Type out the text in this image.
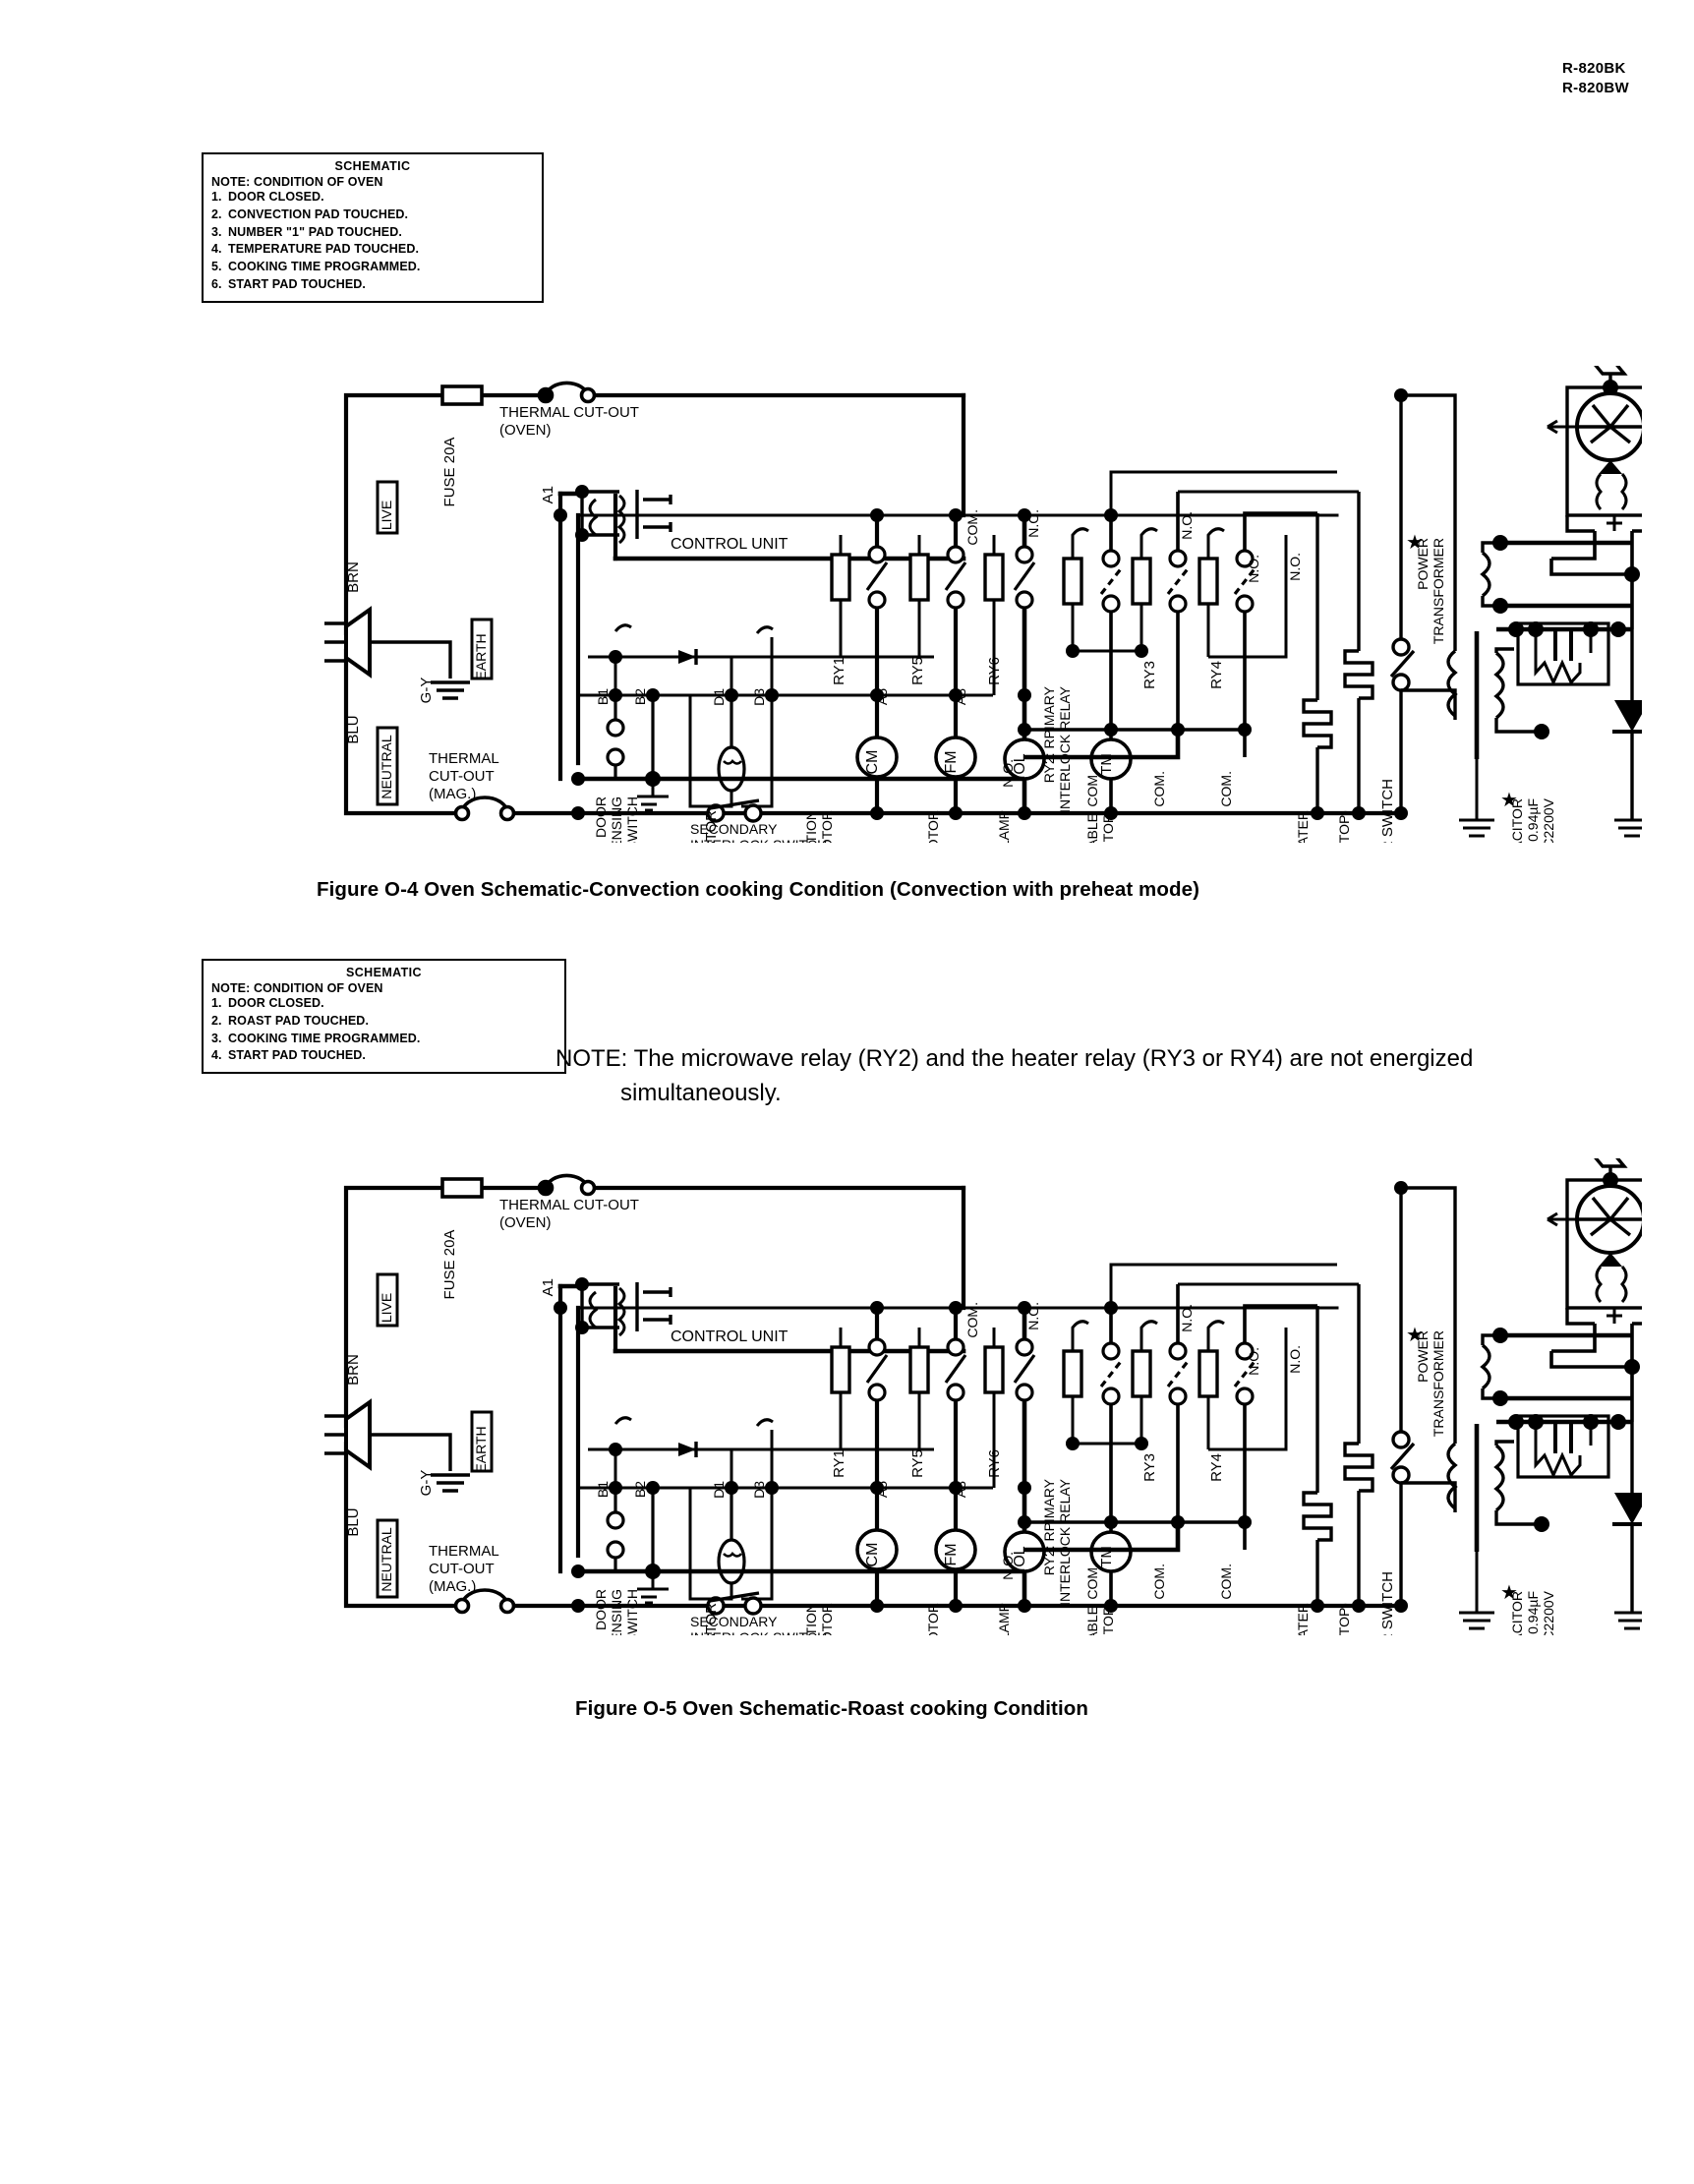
R-820BK
R-820BW
SCHEMATIC
NOTE: CONDITION OF OVEN
1. DOOR CLOSED.
2. CONVECTION PAD TOUCHED.
3. NUMBER "1" PAD TOUCHED.
4. TEMPERATURE PAD TOUCHED.
5. COOKING TIME PROGRAMMED.
6. START PAD TOUCHED.
SCHEMATIC
NOTE: CONDITION OF OVEN
1. DOOR CLOSED.
2. ROAST PAD TOUCHED.
3. COOKING TIME PROGRAMMED.
4. START PAD TOUCHED.	NOTE: The microwave relay (RY2) and the heater relay (RY3 or RY4) are not energized
simultaneously.
Figure O-4 Oven Schematic-Convection cooking Condition (Convection with preheat mode)
Figure O-5 Oven Schematic-Roast cooking Condition
